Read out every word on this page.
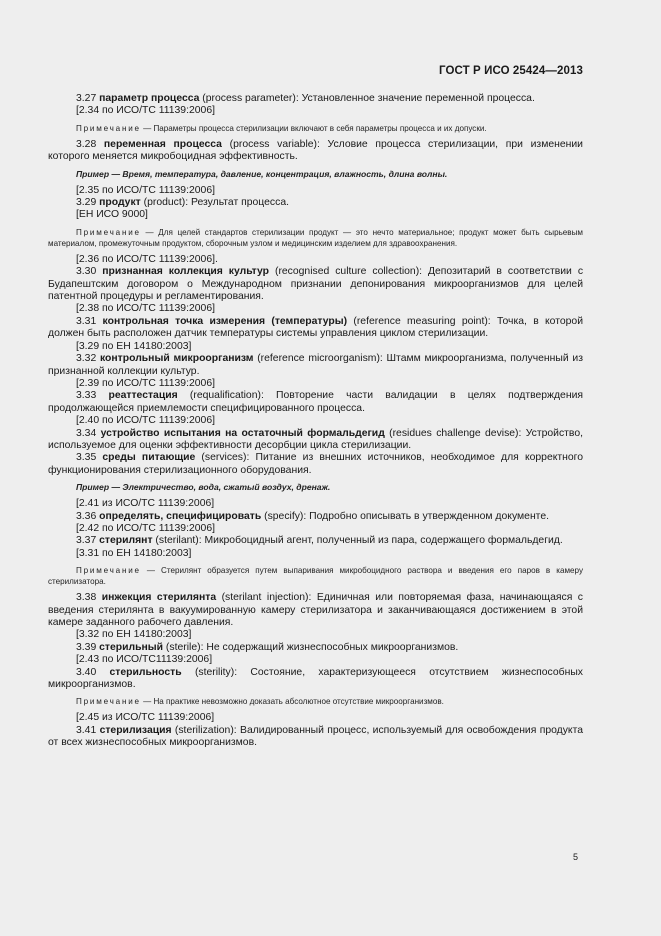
ГОСТ Р ИСО 25424—2013

3.27 параметр процесса (process parameter): Установленное значение переменной процесса.

[2.34 по ИСО/ТС 11139:2006]

Примечание — Параметры процесса стерилизации включают в себя параметры процесса и их допуски.

3.28 переменная процесса (process variable): Условие процесса стерилизации, при изменении которого меняется микробоцидная эффективность.

Пример — Время, температура, давление, концентрация, влажность, длина волны.

[2.35 по ИСО/ТС 11139:2006]

3.29 продукт (product): Результат процесса.

[ЕН ИСО 9000]

Примечание — Для целей стандартов стерилизации продукт — это нечто материальное; продукт может быть сырьевым материалом, промежуточным продуктом, сборочным узлом и медицинским изделием для здравоохранения.

[2.36 по ИСО/ТС 11139:2006].

3.30 признанная коллекция культур (recognised culture collection): Депозитарий в соответствии с Будапештским договором о Международном признании депонирования микроорганизмов для целей патентной процедуры и регламентирования.

[2.38 по ИСО/ТС 11139:2006]

3.31 контрольная точка измерения (температуры) (reference measuring point): Точка, в которой должен быть расположен датчик температуры системы управления циклом стерилизации.

[3.29 по ЕН 14180:2003]

3.32 контрольный микроорганизм (reference microorganism): Штамм микроорганизма, полученный из признанной коллекции культур.

[2.39 по ИСО/ТС 11139:2006]

3.33 реаттестация (requalification): Повторение части валидации в целях подтверждения продолжающейся приемлемости специфицированного процесса.

[2.40 по ИСО/ТС 11139:2006]

3.34 устройство испытания на остаточный формальдегид (residues challenge devise): Устройство, используемое для оценки эффективности десорбции цикла стерилизации.

3.35 среды питающие (services): Питание из внешних источников, необходимое для корректного функционирования стерилизационного оборудования.

Пример — Электричество, вода, сжатый воздух, дренаж.

[2.41 из ИСО/ТС 11139:2006]

3.36 определять, специфицировать (specify): Подробно описывать в утвержденном документе.

[2.42 по ИСО/ТС 11139:2006]

3.37 стерилянт (sterilant): Микробоцидный агент, полученный из пара, содержащего формальдегид.

[3.31 по ЕН 14180:2003]

Примечание — Стерилянт образуется путем выпаривания микробоцидного раствора и введения его паров в камеру стерилизатора.

3.38 инжекция стерилянта (sterilant injection): Единичная или повторяемая фаза, начинающаяся с введения стерилянта в вакуумированную камеру стерилизатора и заканчивающаяся достижением в этой камере заданного рабочего давления.

[3.32 по ЕН 14180:2003]

3.39 стерильный (sterile): Не содержащий жизнеспособных микроорганизмов.

[2.43 по ИСО/ТС11139:2006]

3.40 стерильность (sterility): Состояние, характеризующееся отсутствием жизнеспособных микроорганизмов.

Примечание — На практике невозможно доказать абсолютное отсутствие микроорганизмов.

[2.45 из ИСО/ТС 11139:2006]

3.41 стерилизация (sterilization): Валидированный процесс, используемый для освобождения продукта от всех жизнеспособных микроорганизмов.

5
